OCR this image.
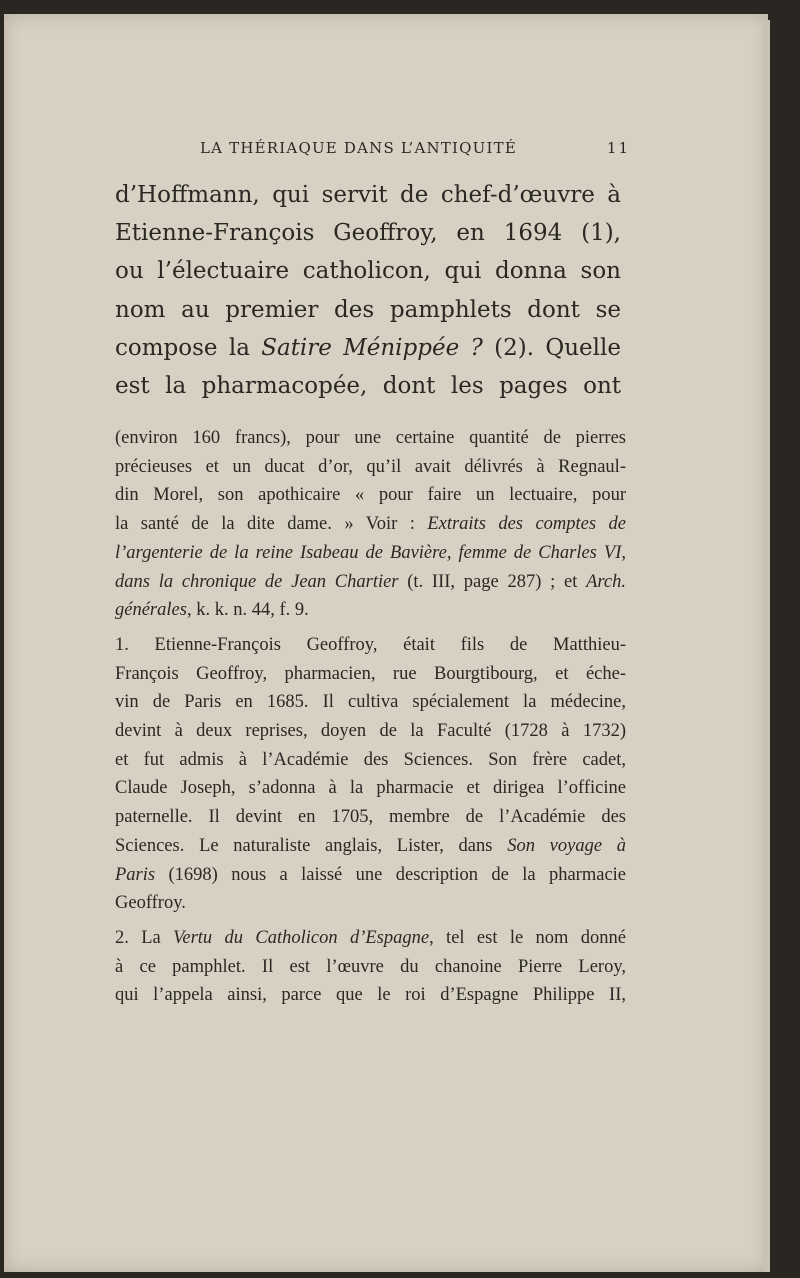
LA THÉRIAQUE DANS L’ANTIQUITÉ	11
d’Hoffmann, qui servit de chef-d’œuvre à
Etienne-François Geoffroy, en 1694 (1),
ou l’électuaire catholicon, qui donna son
nom au premier des pamphlets dont se
compose la Satire Ménippée ? (2). Quelle
est la pharmacopée, dont les pages ont
(environ 160 francs), pour une certaine quantité de pierres
précieuses et un ducat d’or, qu’il avait délivrés à Regnaul-
din Morel, son apothicaire « pour faire un lectuaire, pour
la santé de la dite dame. » Voir : Extraits des comptes de
l’argenterie de la reine Isabeau de Bavière, femme de Charles VI,
dans la chronique de Jean Chartier (t. III, page 287) ; et Arch.
générales, k. k. n. 44, f. 9.
1. Etienne-François Geoffroy, était fils de Matthieu-
François Geoffroy, pharmacien, rue Bourgtibourg, et éche-
vin de Paris en 1685. Il cultiva spécialement la médecine,
devint à deux reprises, doyen de la Faculté (1728 à 1732)
et fut admis à l’Académie des Sciences. Son frère cadet,
Claude Joseph, s’adonna à la pharmacie et dirigea l’officine
paternelle. Il devint en 1705, membre de l’Académie des
Sciences. Le naturaliste anglais, Lister, dans Son voyage à
Paris (1698) nous a laissé une description de la pharmacie
Geoffroy.
2. La Vertu du Catholicon d’Espagne, tel est le nom donné
à ce pamphlet. Il est l’œuvre du chanoine Pierre Leroy,
qui l’appela ainsi, parce que le roi d’Espagne Philippe II,
